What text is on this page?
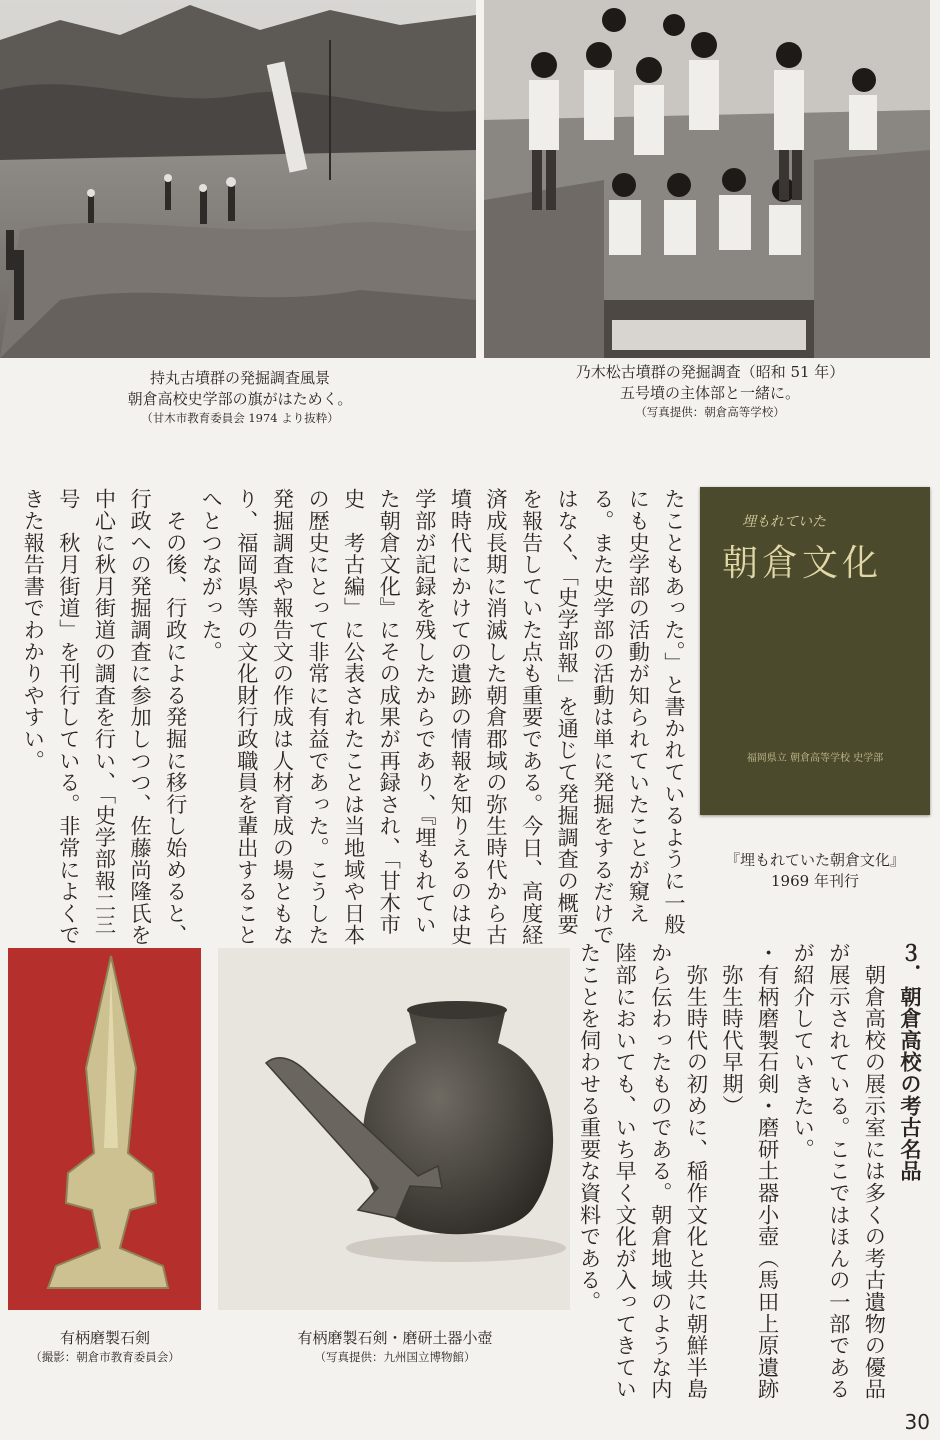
持丸古墳群の発掘調査風景
朝倉高校史学部の旗がはためく。
（甘木市教育委員会 1974 より抜粋）
乃木松古墳群の発掘調査（昭和 51 年）
五号墳の主体部と一緒に。
（写真提供：朝倉高等学校）
たこともあった。」と書かれているように一般
にも史学部の活動が知られていたことが窺え
る。また史学部の活動は単に発掘をするだけで
はなく、「史学部報」を通じて発掘調査の概要
を報告していた点も重要である。今日、高度経
済成長期に消滅した朝倉郡域の弥生時代から古
墳時代にかけての遺跡の情報を知りえるのは史
学部が記録を残したからであり、『埋もれてい
た朝倉文化』にその成果が再録され、「甘木市
史　考古編」に公表されたことは当地域や日本
の歴史にとって非常に有益であった。こうした
発掘調査や報告文の作成は人材育成の場ともな
り、福岡県等の文化財行政職員を輩出すること
へとつながった。
　その後、行政による発掘に移行し始めると、
行政への発掘調査に参加しつつ、佐藤尚隆氏を
中心に秋月街道の調査を行い、「史学部報二三
号　秋月街道」を刊行している。非常によくで
きた報告書でわかりやすい。	埋もれていた
朝倉文化
福岡県立 朝倉高等学校 史学部
『埋もれていた朝倉文化』
1969 年刊行
有柄磨製石剣
（撮影：朝倉市教育委員会）
有柄磨製石剣・磨研土器小壺
（写真提供：九州国立博物館）
３．朝倉高校の考古名品
　朝倉高校の展示室には多くの考古遺物の優品
が展示されている。ここではほんの一部である
が紹介していきたい。
・有柄磨製石剣・磨研土器小壺（馬田上原遺跡
　弥生時代早期）
　弥生時代の初めに、稲作文化と共に朝鮮半島
から伝わったものである。朝倉地域のような内
陸部においても、いち早く文化が入ってきてい
たことを伺わせる重要な資料である。
30
